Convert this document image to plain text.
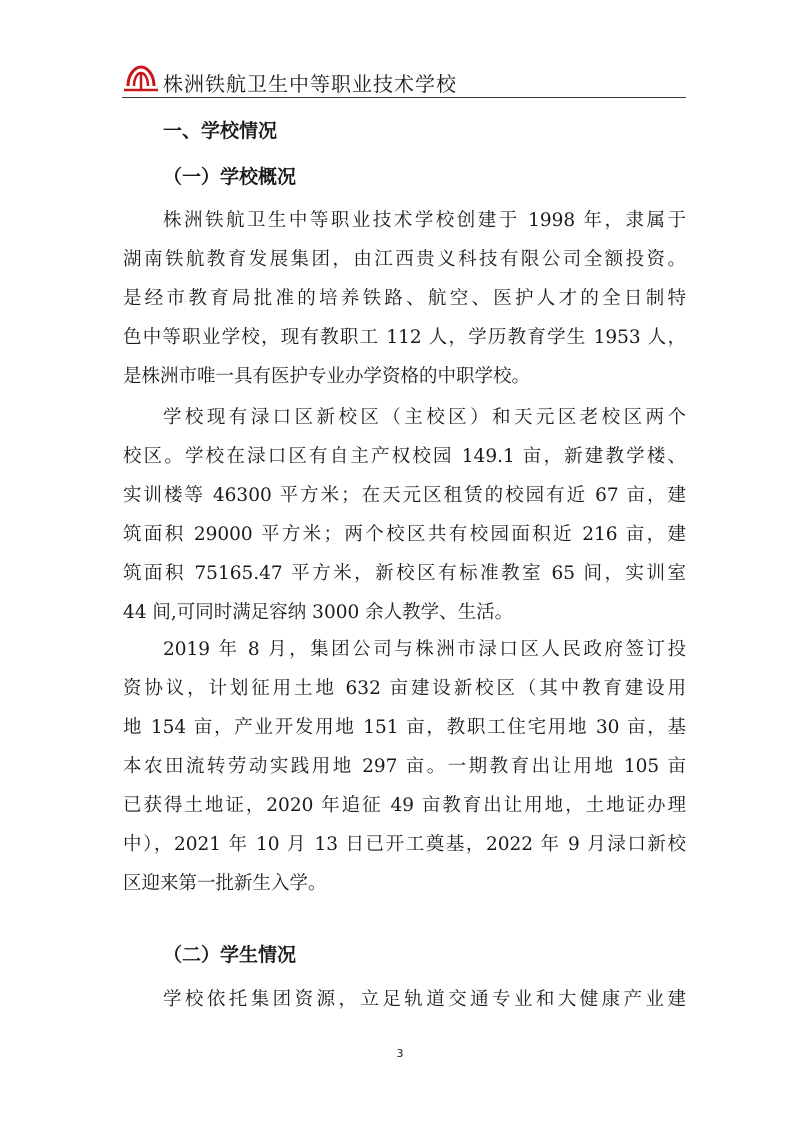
株洲铁航卫生中等职业技术学校
一、学校情况
（一）学校概况
株洲铁航卫生中等职业技术学校创建于 1998 年，隶属于
湖南铁航教育发展集团，由江西贵义科技有限公司全额投资。
是经市教育局批准的培养铁路、航空、医护人才的全日制特
色中等职业学校，现有教职工 112 人，学历教育学生 1953 人，
是株洲市唯一具有医护专业办学资格的中职学校。
学校现有渌口区新校区（主校区）和天元区老校区两个
校区。学校在渌口区有自主产权校园 149.1 亩，新建教学楼、
实训楼等 46300 平方米；在天元区租赁的校园有近 67 亩，建
筑面积 29000 平方米；两个校区共有校园面积近 216 亩，建
筑面积 75165.47 平方米，新校区有标准教室 65 间，实训室
44 间,可同时满足容纳 3000 余人教学、生活。
2019 年 8 月，集团公司与株洲市渌口区人民政府签订投
资协议，计划征用土地 632 亩建设新校区（其中教育建设用
地 154 亩，产业开发用地 151 亩，教职工住宅用地 30 亩，基
本农田流转劳动实践用地 297 亩。一期教育出让用地 105 亩
已获得土地证，2020 年追征 49 亩教育出让用地，土地证办理
中），2021 年 10 月 13 日已开工奠基，2022 年 9 月渌口新校
区迎来第一批新生入学。
（二）学生情况
学校依托集团资源，立足轨道交通专业和大健康产业建
3
